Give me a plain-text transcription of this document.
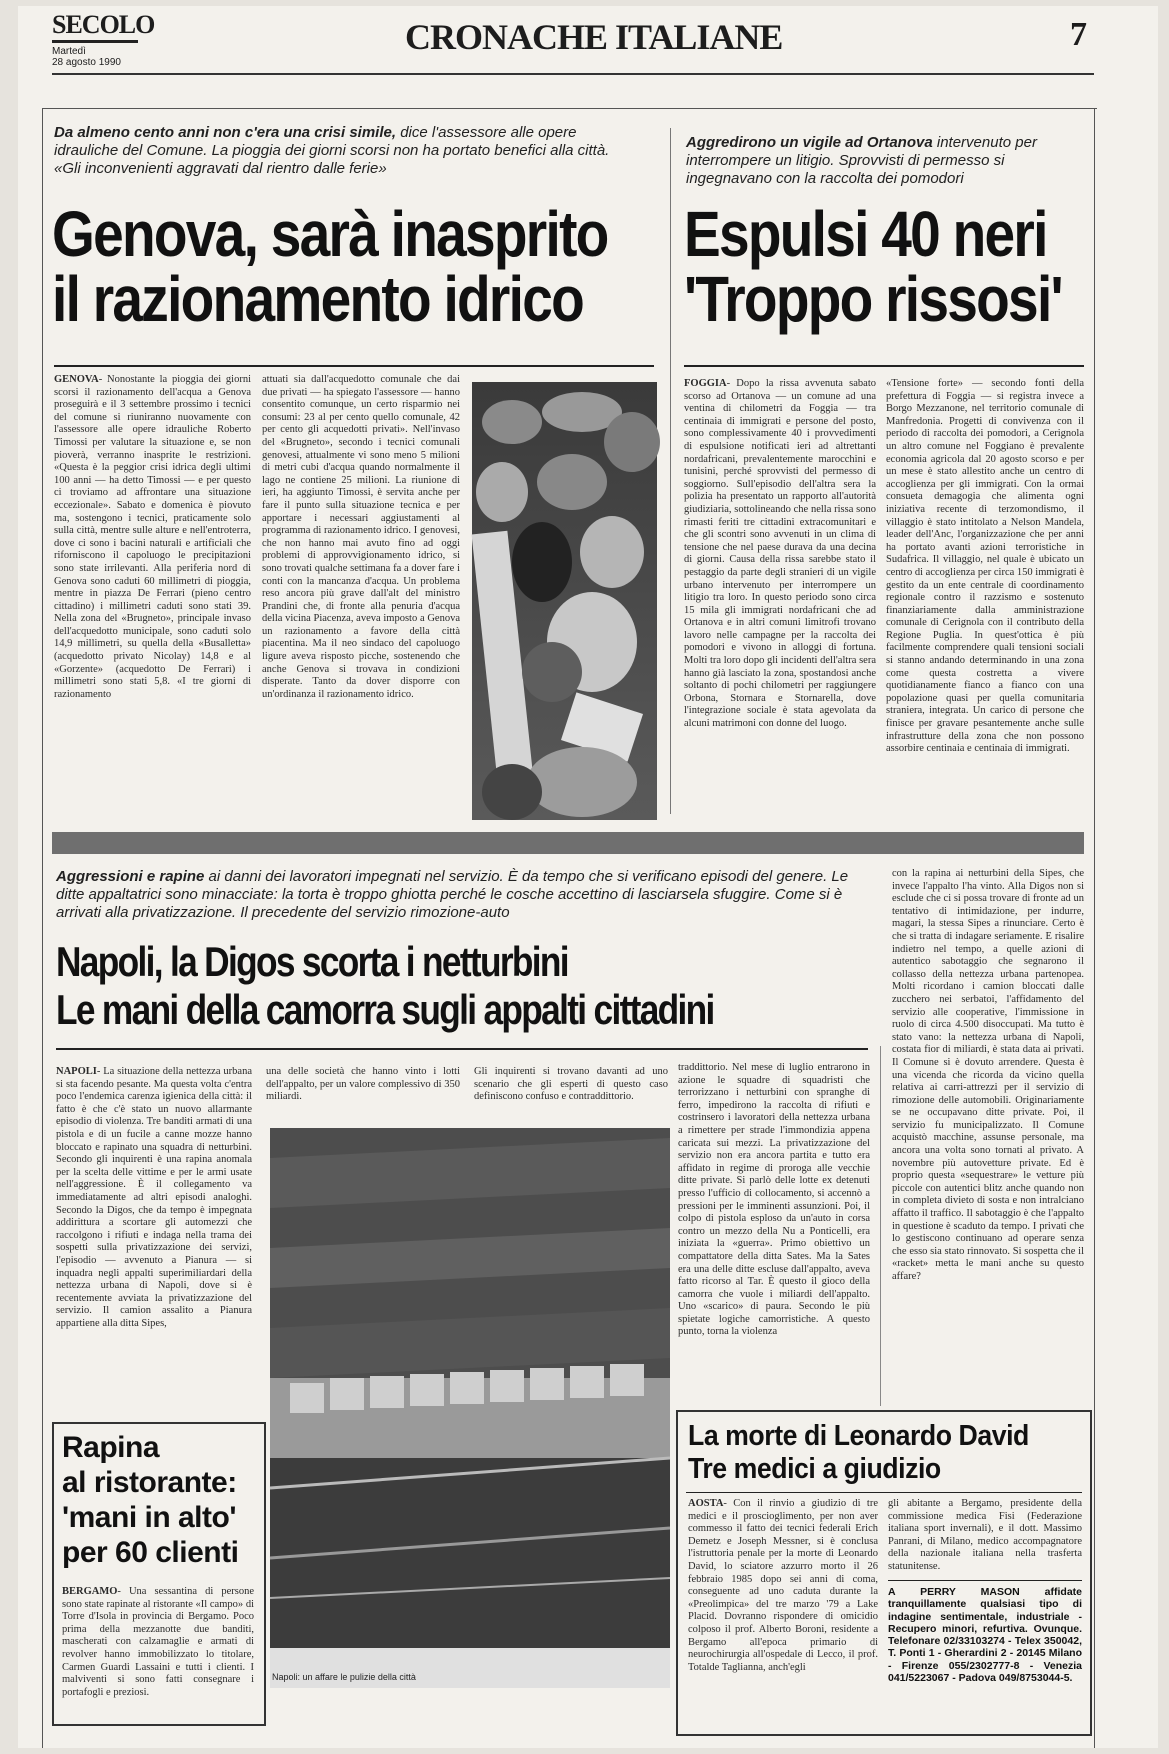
SECOLO
Martedì
28 agosto 1990
CRONACHE ITALIANE	7
Da almeno cento anni non c'era una crisi simile, dice l'assessore alle opere idrauliche del Comune. La pioggia dei giorni scorsi non ha portato benefici alla città. «Gli inconvenienti aggravati dal rientro dalle ferie»
Genova, sarà inasprito
il razionamento idrico

GENOVA- Nonostante la pioggia dei giorni scorsi il razionamento dell'acqua a Genova proseguirà e il 3 settembre prossimo i tecnici del comune si riuniranno nuovamente con l'assessore alle opere idrauliche Roberto Timossi per valutare la situazione e, se non pioverà, verranno inasprite le restrizioni. «Questa è la peggior crisi idrica degli ultimi 100 anni — ha detto Timossi — e per questo ci troviamo ad affrontare una situazione eccezionale». Sabato e domenica è piovuto ma, sostengono i tecnici, praticamente solo sulla città, mentre sulle alture e nell'entroterra, dove ci sono i bacini naturali e artificiali che riforniscono il capoluogo le precipitazioni sono state irrilevanti. Alla periferia nord di Genova sono caduti 60 millimetri di pioggia, mentre in piazza De Ferrari (pieno centro cittadino) i millimetri caduti sono stati 39. Nella zona del «Brugneto», principale invaso dell'acquedotto municipale, sono caduti solo 14,9 millimetri, su quella della «Busalletta» (acquedotto privato Nicolay) 14,8 e al «Gorzente» (acquedotto De Ferrari) i millimetri sono stati 5,8. «I tre giorni di razionamento

attuati sia dall'acquedotto comunale che dai due privati — ha spiegato l'assessore — hanno consentito comunque, un certo risparmio nei consumi: 23 al per cento quello comunale, 42 per cento gli acquedotti privati». Nell'invaso del «Brugneto», secondo i tecnici comunali genovesi, attualmente vi sono meno 5 milioni di metri cubi d'acqua quando normalmente il lago ne contiene 25 milioni. La riunione di ieri, ha aggiunto Timossi, è servita anche per fare il punto sulla situazione tecnica e per apportare i necessari aggiustamenti al programma di razionamento idrico. I genovesi, che non hanno mai avuto fino ad oggi problemi di approvvigionamento idrico, si sono trovati qualche settimana fa a dover fare i conti con la mancanza d'acqua. Un problema reso ancora più grave dall'alt del ministro Prandini che, di fronte alla penuria d'acqua della vicina Piacenza, aveva imposto a Genova un razionamento a favore della città piacentina. Ma il neo sindaco del capoluogo ligure aveva risposto picche, sostenendo che anche Genova si trovava in condizioni disperate. Tanto da dover disporre con un'ordinanza il razionamento idrico.

Aggredirono un vigile ad Ortanova intervenuto per interrompere un litigio. Sprovvisti di permesso si ingegnavano con la raccolta dei pomodori
Espulsi 40 neri
'Troppo rissosi'

FOGGIA- Dopo la rissa avvenuta sabato scorso ad Ortanova — un comune ad una ventina di chilometri da Foggia — tra centinaia di immigrati e persone del posto, sono complessivamente 40 i provvedimenti di espulsione notificati ieri ad altrettanti nordafricani, prevalentemente marocchini e tunisini, perché sprovvisti del permesso di soggiorno. Sull'episodio dell'altra sera la polizia ha presentato un rapporto all'autorità giudiziaria, sottolineando che nella rissa sono rimasti feriti tre cittadini extracomunitari e che gli scontri sono avvenuti in un clima di tensione che nel paese durava da una decina di giorni. Causa della rissa sarebbe stato il pestaggio da parte degli stranieri di un vigile urbano intervenuto per interrompere un litigio tra loro. In questo periodo sono circa 15 mila gli immigrati nordafricani che ad Ortanova e in altri comuni limitrofi trovano lavoro nelle campagne per la raccolta dei pomodori e vivono in alloggi di fortuna. Molti tra loro dopo gli incidenti dell'altra sera hanno già lasciato la zona, spostandosi anche soltanto di pochi chilometri per raggiungere Orbona, Stornara e Stornarella, dove l'integrazione sociale è stata agevolata da alcuni matrimoni con donne del luogo.

«Tensione forte» — secondo fonti della prefettura di Foggia — si registra invece a Borgo Mezzanone, nel territorio comunale di Manfredonia. Progetti di convivenza con il periodo di raccolta dei pomodori, a Cerignola un altro comune nel Foggiano è prevalente economia agricola dal 20 agosto scorso e per un mese è stato allestito anche un centro di accoglienza per gli immigrati. Con la ormai consueta demagogia che alimenta ogni iniziativa recente di terzomondismo, il villaggio è stato intitolato a Nelson Mandela, leader dell'Anc, l'organizzazione che per anni ha portato avanti azioni terroristiche in Sudafrica. Il villaggio, nel quale è ubicato un centro di accoglienza per circa 150 immigrati è gestito da un ente centrale di coordinamento regionale contro il razzismo e sostenuto finanziariamente dalla amministrazione comunale di Cerignola con il contributo della Regione Puglia. In quest'ottica è più facilmente comprendere quali tensioni sociali si stanno andando determinando in una zona come questa costretta a vivere quotidianamente fianco a fianco con una popolazione quasi per quella comunitaria straniera, integrata. Un carico di persone che finisce per gravare pesantemente anche sulle infrastrutture della zona che non possono assorbire centinaia e centinaia di immigrati.

Aggressioni e rapine ai danni dei lavoratori impegnati nel servizio. È da tempo che si verificano episodi del genere. Le ditte appaltatrici sono minacciate: la torta è troppo ghiotta perché le cosche accettino di lasciarsela sfuggire. Come si è arrivati alla privatizzazione. Il precedente del servizio rimozione-auto
Napoli, la Digos scorta i netturbini
Le mani della camorra sugli appalti cittadini

NAPOLI- La situazione della nettezza urbana si sta facendo pesante. Ma questa volta c'entra poco l'endemica carenza igienica della città: il fatto è che c'è stato un nuovo allarmante episodio di violenza. Tre banditi armati di una pistola e di un fucile a canne mozze hanno bloccato e rapinato una squadra di netturbini. Secondo gli inquirenti è una rapina anomala per la scelta delle vittime e per le armi usate nell'aggressione. È il collegamento va immediatamente ad altri episodi analoghi. Secondo la Digos, che da tempo è impegnata addirittura a scortare gli automezzi che raccolgono i rifiuti e indaga nella trama dei sospetti sulla privatizzazione dei servizi, l'episodio — avvenuto a Pianura — si inquadra negli appalti superimiliardari della nettezza urbana di Napoli, dove si è recentemente avviata la privatizzazione del servizio. Il camion assalito a Pianura appartiene alla ditta Sipes,

una delle società che hanno vinto i lotti dell'appalto, per un valore complessivo di 350 miliardi.

Gli inquirenti si trovano davanti ad uno scenario che gli esperti di questo caso definiscono confuso e contraddittorio.

traddittorio. Nel mese di luglio entrarono in azione le squadre di squadristi che terrorizzano i netturbini con spranghe di ferro, impedirono la raccolta di rifiuti e costrinsero i lavoratori della nettezza urbana a rimettere per strade l'immondizia appena caricata sui mezzi. La privatizzazione del servizio non era ancora partita e tutto era affidato in regime di proroga alle vecchie ditte private. Si parlò delle lotte ex detenuti presso l'ufficio di collocamento, si accennò a pressioni per le imminenti assunzioni. Poi, il colpo di pistola esploso da un'auto in corsa contro un mezzo della Nu a Ponticelli, era iniziata la «guerra». Primo obiettivo un compattatore della ditta Sates. Ma la Sates era una delle ditte escluse dall'appalto, aveva fatto ricorso al Tar. È questo il gioco della camorra che vuole i miliardi dell'appalto. Uno «scarico» di paura. Secondo le più spietate logiche camorristiche. A questo punto, torna la violenza

con la rapina ai netturbini della Sipes, che invece l'appalto l'ha vinto. Alla Digos non si esclude che ci si possa trovare di fronte ad un tentativo di intimidazione, per indurre, magari, la stessa Sipes a rinunciare. Certo è che si tratta di indagare seriamente. E risalire indietro nel tempo, a quelle azioni di autentico sabotaggio che segnarono il collasso della nettezza urbana partenopea. Molti ricordano i camion bloccati dalle zucchero nei serbatoi, l'affidamento del servizio alle cooperative, l'immissione in ruolo di circa 4.500 disoccupati. Ma tutto è stato vano: la nettezza urbana di Napoli, costata fior di miliardi, è stata data ai privati. Il Comune si è dovuto arrendere. Questa è una vicenda che ricorda da vicino quella relativa ai carri-attrezzi per il servizio di rimozione delle automobili. Originariamente se ne occupavano ditte private. Poi, il servizio fu municipalizzato. Il Comune acquistò macchine, assunse personale, ma ancora una volta sono tornati al privato. A novembre più autovetture private. Ed è proprio questa «sequestrare» le vetture più piccole con autentici blitz anche quando non in completa divieto di sosta e non intralciano affatto il traffico. Il sabotaggio è che l'appalto in questione è scaduto da tempo. I privati che lo gestiscono continuano ad operare senza che esso sia stato rinnovato. Si sospetta che il «racket» metta le mani anche su questo affare?

Napoli: un affare le pulizie della città
Rapina
al ristorante:
'mani in alto'
per 60 clienti

BERGAMO- Una sessantina di persone sono state rapinate al ristorante «Il campo» di Torre d'Isola in provincia di Bergamo. Poco prima della mezzanotte due banditi, mascherati con calzamaglie e armati di revolver hanno immobilizzato lo titolare, Carmen Guardi Lassaini e tutti i clienti. I malviventi si sono fatti consegnare i portafogli e preziosi.

La morte di Leonardo David
Tre medici a giudizio

AOSTA- Con il rinvio a giudizio di tre medici e il proscioglimento, per non aver commesso il fatto dei tecnici federali Erich Demetz e Joseph Messner, si è conclusa l'istruttoria penale per la morte di Leonardo David, lo sciatore azzurro morto il 26 febbraio 1985 dopo sei anni di coma, conseguente ad uno caduta durante la «Preolimpica» del tre marzo '79 a Lake Placid. Dovranno rispondere di omicidio colposo il prof. Alberto Boroni, residente a Bergamo all'epoca primario di neurochirurgia all'ospedale di Lecco, il prof. Totalde Taglianna, anch'egli

gli abitante a Bergamo, presidente della commissione medica Fisi (Federazione italiana sport invernali), e il dott. Massimo Panrani, di Milano, medico accompagnatore della nazionale italiana nella trasferta statunitense.

A PERRY MASON affidate tranquillamente qualsiasi tipo di indagine sentimentale, industriale - Recupero minori, refurtiva. Ovunque. Telefonare 02/33103274 - Telex 350042, T. Ponti 1 - Gherardini 2 - 20145 Milano - Firenze 055/2302777-8 - Venezia 041/5223067 - Padova 049/8753044-5.
